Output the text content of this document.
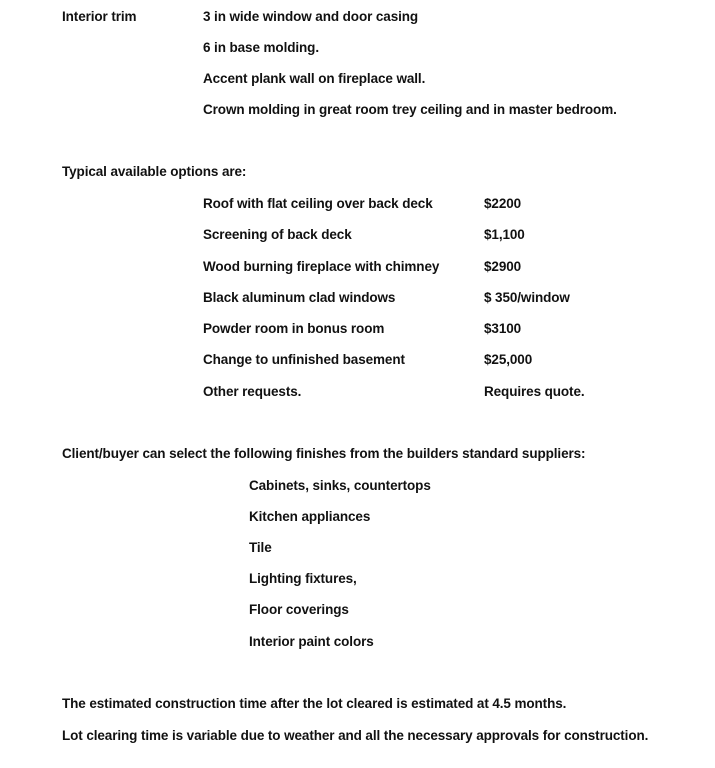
Interior trim	3 in wide window and door casing
6 in base molding.
Accent plank wall on fireplace wall.
Crown molding in great room trey ceiling and in master bedroom.
Typical available options are:
Roof with flat ceiling over back deck	$2200
Screening of back deck	$1,100
Wood burning fireplace with chimney	$2900
Black aluminum clad windows	$ 350/window
Powder room in bonus room	$3100
Change to unfinished basement	$25,000
Other requests.	Requires quote.
Client/buyer can select the following finishes from the builders standard suppliers:
Cabinets, sinks, countertops
Kitchen appliances
Tile
Lighting fixtures,
Floor coverings
Interior paint colors
The estimated construction time after the lot cleared is estimated at 4.5 months.
Lot clearing time is variable due to weather and all the necessary approvals for construction.
